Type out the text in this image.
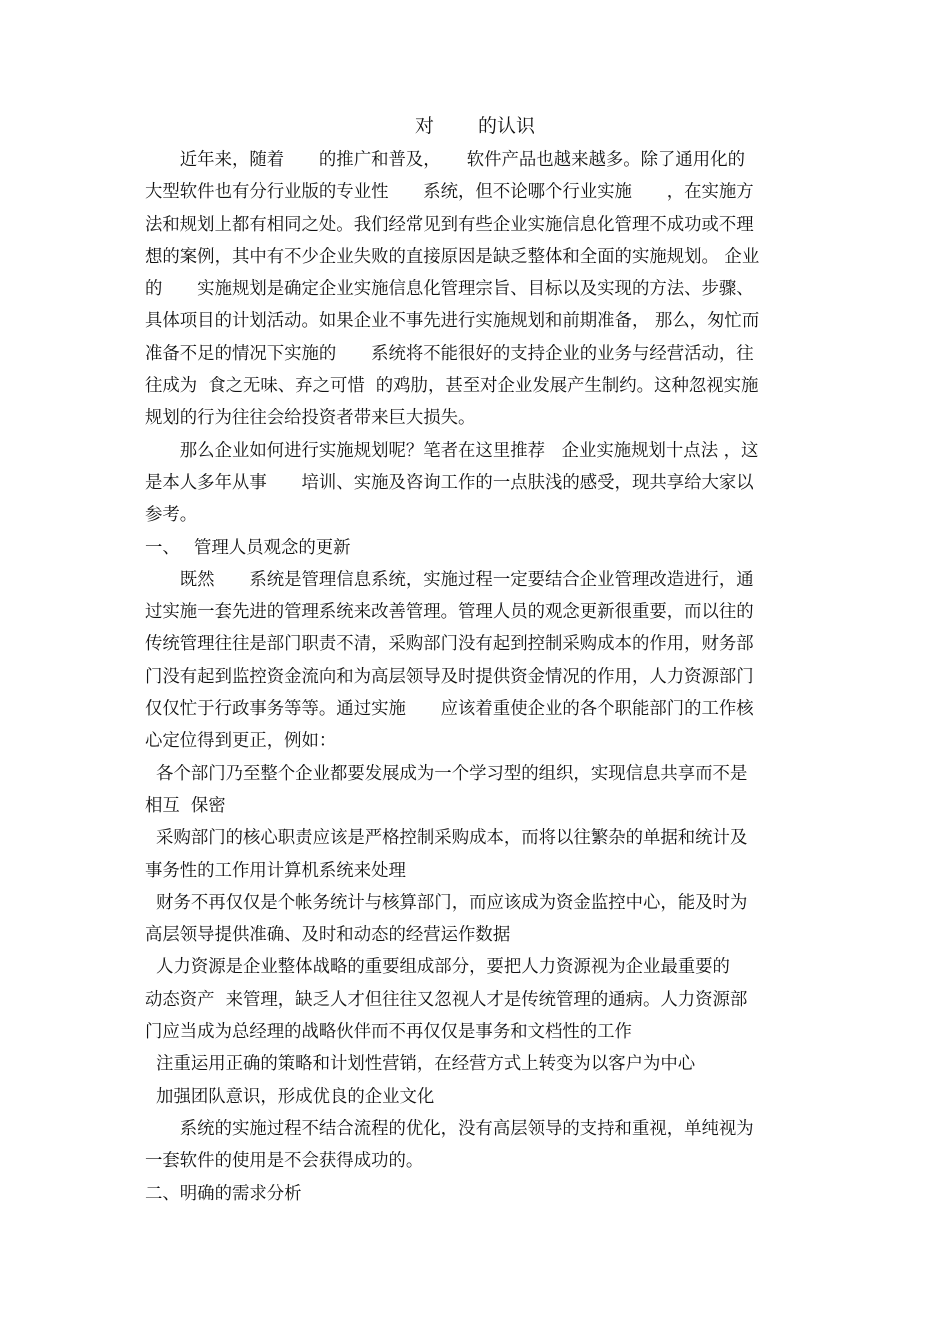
对　　 的认识
　　近年来，随着　　的推广和普及，　　软件产品也越来越多。除了通用化的
大型软件也有分行业版的专业性　　系统，但不论哪个行业实施　　，在实施方
法和规划上都有相同之处。我们经常见到有些企业实施信息化管理不成功或不理
想的案例，其中有不少企业失败的直接原因是缺乏整体和全面的实施规划。 企业
的　　实施规划是确定企业实施信息化管理宗旨、目标以及实现的方法、步骤、
具体项目的计划活动。如果企业不事先进行实施规划和前期准备， 那么，匆忙而
准备不足的情况下实施的　　系统将不能很好的支持企业的业务与经营活动，往
往成为  食之无味、弃之可惜  的鸡肋，甚至对企业发展产生制约。这种忽视实施
规划的行为往往会给投资者带来巨大损失。
　　那么企业如何进行实施规划呢？笔者在这里推荐   企业实施规划十点法 ，这
是本人多年从事　　培训、实施及咨询工作的一点肤浅的感受，现共享给大家以
参考。
一、　 管理人员观念的更新
　　既然　　系统是管理信息系统，实施过程一定要结合企业管理改造进行，通
过实施一套先进的管理系统来改善管理。管理人员的观念更新很重要，而以往的
传统管理往往是部门职责不清，采购部门没有起到控制采购成本的作用，财务部
门没有起到监控资金流向和为高层领导及时提供资金情况的作用，人力资源部门
仅仅忙于行政事务等等。通过实施　　应该着重使企业的各个职能部门的工作核
心定位得到更正，例如：
各个部门乃至整个企业都要发展成为一个学习型的组织，实现信息共享而不是
相互  保密
采购部门的核心职责应该是严格控制采购成本，而将以往繁杂的单据和统计及
事务性的工作用计算机系统来处理
财务不再仅仅是个帐务统计与核算部门，而应该成为资金监控中心，能及时为
高层领导提供准确、及时和动态的经营运作数据
人力资源是企业整体战略的重要组成部分，要把人力资源视为企业最重要的
动态资产  来管理，缺乏人才但往往又忽视人才是传统管理的通病。人力资源部
门应当成为总经理的战略伙伴而不再仅仅是事务和文档性的工作
注重运用正确的策略和计划性营销，在经营方式上转变为以客户为中心
加强团队意识，形成优良的企业文化
　　系统的实施过程不结合流程的优化，没有高层领导的支持和重视，单纯视为
一套软件的使用是不会获得成功的。
二、明确的需求分析
